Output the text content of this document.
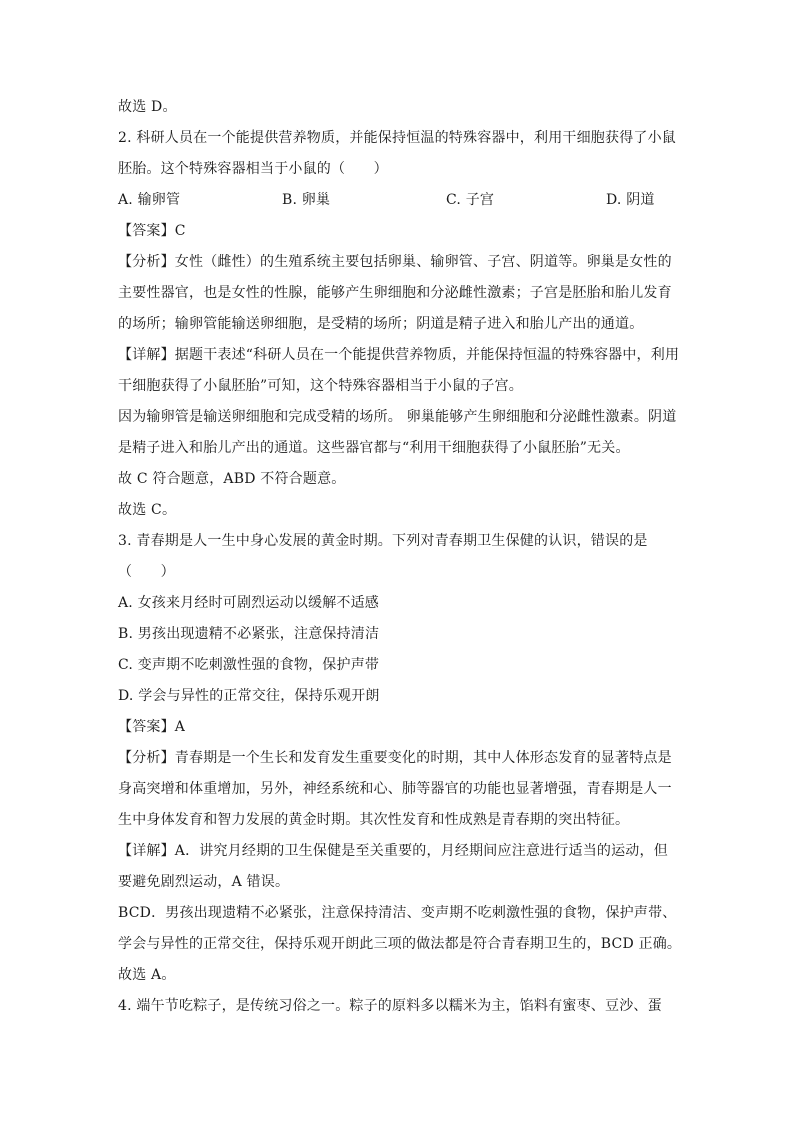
故选 D。
2. 科研人员在一个能提供营养物质，并能保持恒温的特殊容器中，利用干细胞获得了小鼠
胚胎。这个特殊容器相当于小鼠的（　　）
A. 输卵管	B. 卵巢	C. 子宫	D. 阴道
【答案】C
【分析】女性（雌性）的生殖系统主要包括卵巢、输卵管、子宫、阴道等。卵巢是女性的
主要性器官，也是女性的性腺，能够产生卵细胞和分泌雌性激素；子宫是胚胎和胎儿发育
的场所；输卵管能输送卵细胞，是受精的场所；阴道是精子进入和胎儿产出的通道。
【详解】据题干表述“科研人员在一个能提供营养物质，并能保持恒温的特殊容器中，利用
干细胞获得了小鼠胚胎”可知，这个特殊容器相当于小鼠的子宫。
因为输卵管是输送卵细胞和完成受精的场所。 卵巢能够产生卵细胞和分泌雌性激素。阴道
是精子进入和胎儿产出的通道。这些器官都与“利用干细胞获得了小鼠胚胎”无关。
故 C 符合题意，ABD 不符合题意。
故选 C。
3. 青春期是人一生中身心发展的黄金时期。下列对青春期卫生保健的认识，错误的是
（　　）
A. 女孩来月经时可剧烈运动以缓解不适感
B. 男孩出现遗精不必紧张，注意保持清洁
C. 变声期不吃刺激性强的食物，保护声带
D. 学会与异性的正常交往，保持乐观开朗
【答案】A
【分析】青春期是一个生长和发育发生重要变化的时期，其中人体形态发育的显著特点是
身高突增和体重增加，另外，神经系统和心、肺等器官的功能也显著增强，青春期是人一
生中身体发育和智力发展的黄金时期。其次性发育和性成熟是青春期的突出特征。
【详解】A．讲究月经期的卫生保健是至关重要的，月经期间应注意进行适当的运动，但
要避免剧烈运动，A 错误。
BCD．男孩出现遗精不必紧张，注意保持清洁、变声期不吃刺激性强的食物，保护声带、
学会与异性的正常交往，保持乐观开朗此三项的做法都是符合青春期卫生的，BCD 正确。
故选 A。
4. 端午节吃粽子，是传统习俗之一。粽子的原料多以糯米为主，馅料有蜜枣、豆沙、蛋
